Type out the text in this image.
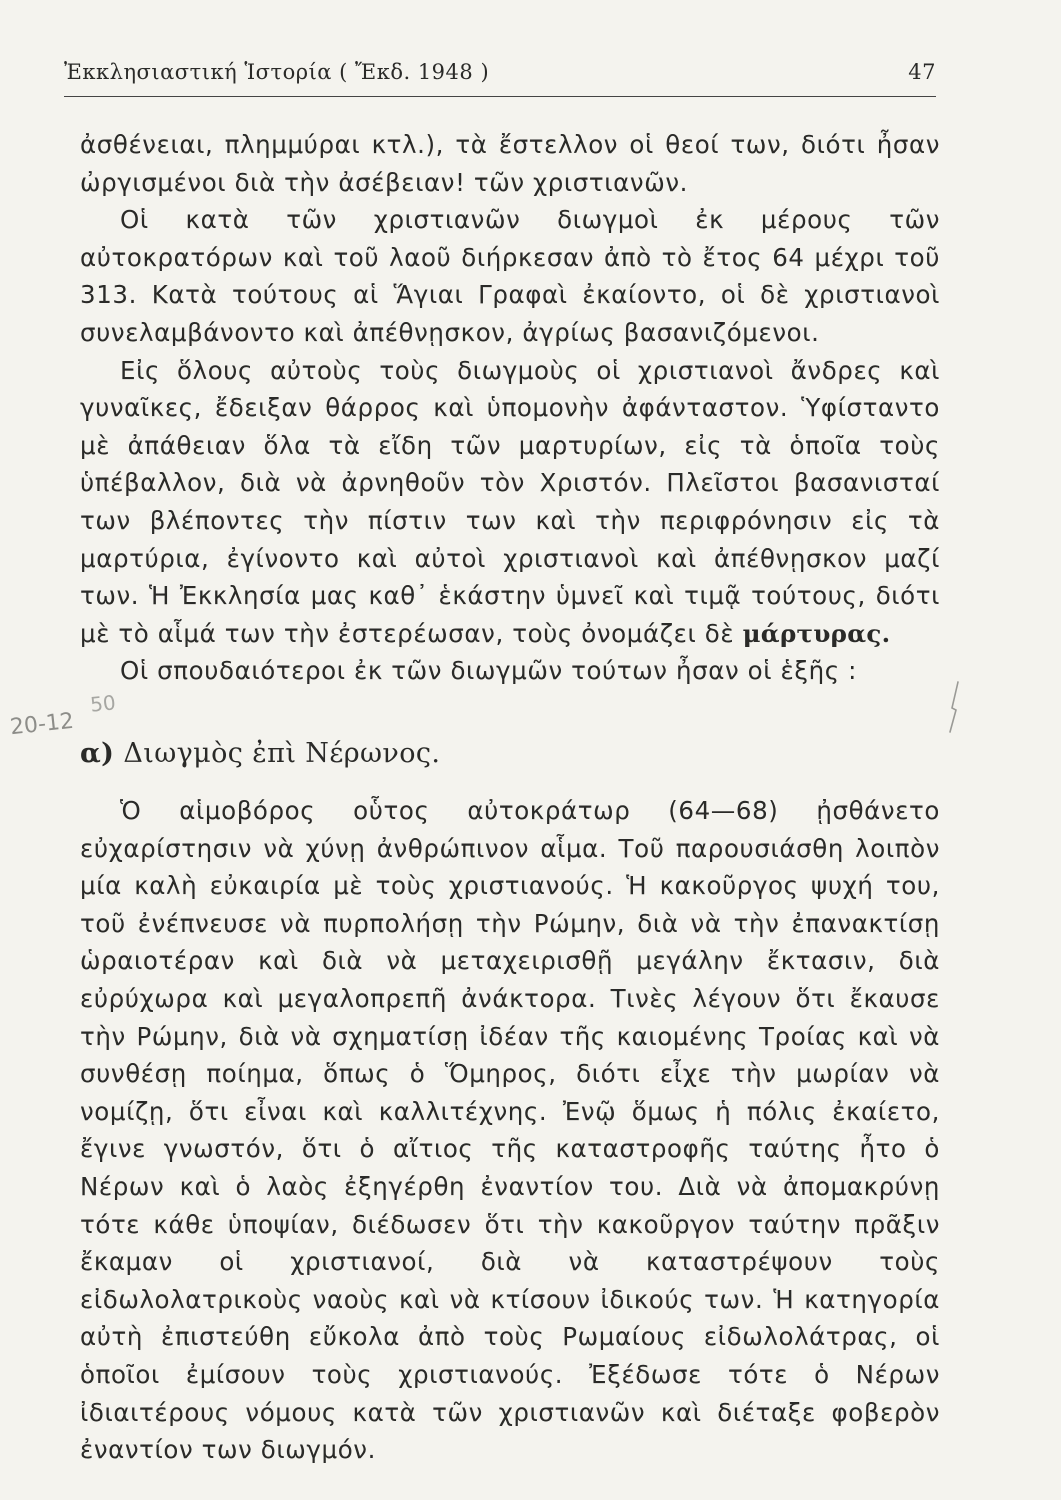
Ἐκκλησιαστική Ἱστορία ( Ἔκδ. 1948 )	47

ἀσθένειαι, πλημμύραι κτλ.), τὰ ἔστελλον οἱ θεοί των, διότι ἦσαν ὠργισμένοι διὰ τὴν ἀσέβειαν! τῶν χριστιανῶν.

Οἱ κατὰ τῶν χριστιανῶν διωγμοὶ ἐκ μέρους τῶν αὐτοκρατόρων καὶ τοῦ λαοῦ διήρκεσαν ἀπὸ τὸ ἔτος 64 μέχρι τοῦ 313. Κατὰ τούτους αἱ Ἅγιαι Γραφαὶ ἐκαίοντο, οἱ δὲ χριστιανοὶ συνελαμβάνοντο καὶ ἀπέθνῃσκον, ἀγρίως βασανιζόμενοι.

Εἰς ὅλους αὐτοὺς τοὺς διωγμοὺς οἱ χριστιανοὶ ἄνδρες καὶ γυναῖκες, ἔδειξαν θάρρος καὶ ὑπομονὴν ἀφάνταστον. Ὑφίσταντο μὲ ἀπάθειαν ὅλα τὰ εἴδη τῶν μαρτυρίων, εἰς τὰ ὁποῖα τοὺς ὑπέβαλλον, διὰ νὰ ἀρνηθοῦν τὸν Χριστόν. Πλεῖστοι βασανισταί των βλέποντες τὴν πίστιν των καὶ τὴν περιφρόνησιν εἰς τὰ μαρτύρια, ἐγίνοντο καὶ αὐτοὶ χριστιανοὶ καὶ ἀπέθνῃσκον μαζί των. Ἡ Ἐκκλησία μας καθ᾽ ἑκάστην ὑμνεῖ καὶ τιμᾷ τούτους, διότι μὲ τὸ αἷμά των τὴν ἐστερέωσαν, τοὺς ὀνομάζει δὲ μάρτυρας.

Οἱ σπουδαιότεροι ἐκ τῶν διωγμῶν τούτων ἦσαν οἱ ἑξῆς :

20-12
50
α) Διωγμὸς ἐπὶ Νέρωνος.

Ὁ αἱμοβόρος οὗτος αὐτοκράτωρ (64—68) ᾐσθάνετο εὐχαρίστησιν νὰ χύνῃ ἀνθρώπινον αἷμα. Τοῦ παρουσιάσθη λοιπὸν μία καλὴ εὐκαιρία μὲ τοὺς χριστιανούς. Ἡ κακοῦργος ψυχή του, τοῦ ἐνέπνευσε νὰ πυρπολήσῃ τὴν Ρώμην, διὰ νὰ τὴν ἐπανακτίσῃ ὡραιοτέραν καὶ διὰ νὰ μεταχειρισθῇ μεγάλην ἔκτασιν, διὰ εὐρύχωρα καὶ μεγαλοπρεπῆ ἀνάκτορα. Τινὲς λέγουν ὅτι ἔκαυσε τὴν Ρώμην, διὰ νὰ σχηματίσῃ ἰδέαν τῆς καιομένης Τροίας καὶ νὰ συνθέσῃ ποίημα, ὅπως ὁ Ὅμηρος, διότι εἶχε τὴν μωρίαν νὰ νομίζῃ, ὅτι εἶναι καὶ καλλιτέχνης. Ἐνῷ ὅμως ἡ πόλις ἐκαίετο, ἔγινε γνωστόν, ὅτι ὁ αἴτιος τῆς καταστροφῆς ταύτης ἦτο ὁ Νέρων καὶ ὁ λαὸς ἐξηγέρθη ἐναντίον του. Διὰ νὰ ἀπομακρύνῃ τότε κάθε ὑποψίαν, διέδωσεν ὅτι τὴν κακοῦργον ταύτην πρᾶξιν ἔκαμαν οἱ χριστιανοί, διὰ νὰ καταστρέψουν τοὺς εἰδωλολατρικοὺς ναοὺς καὶ νὰ κτίσουν ἰδικούς των. Ἡ κατηγορία αὐτὴ ἐπιστεύθη εὔκολα ἀπὸ τοὺς Ρωμαίους εἰδωλολάτρας, οἱ ὁποῖοι ἐμίσουν τοὺς χριστιανούς. Ἐξέδωσε τότε ὁ Νέρων ἰδιαιτέρους νόμους κατὰ τῶν χριστιανῶν καὶ διέταξε φοβερὸν ἐναντίον των διωγμόν.
